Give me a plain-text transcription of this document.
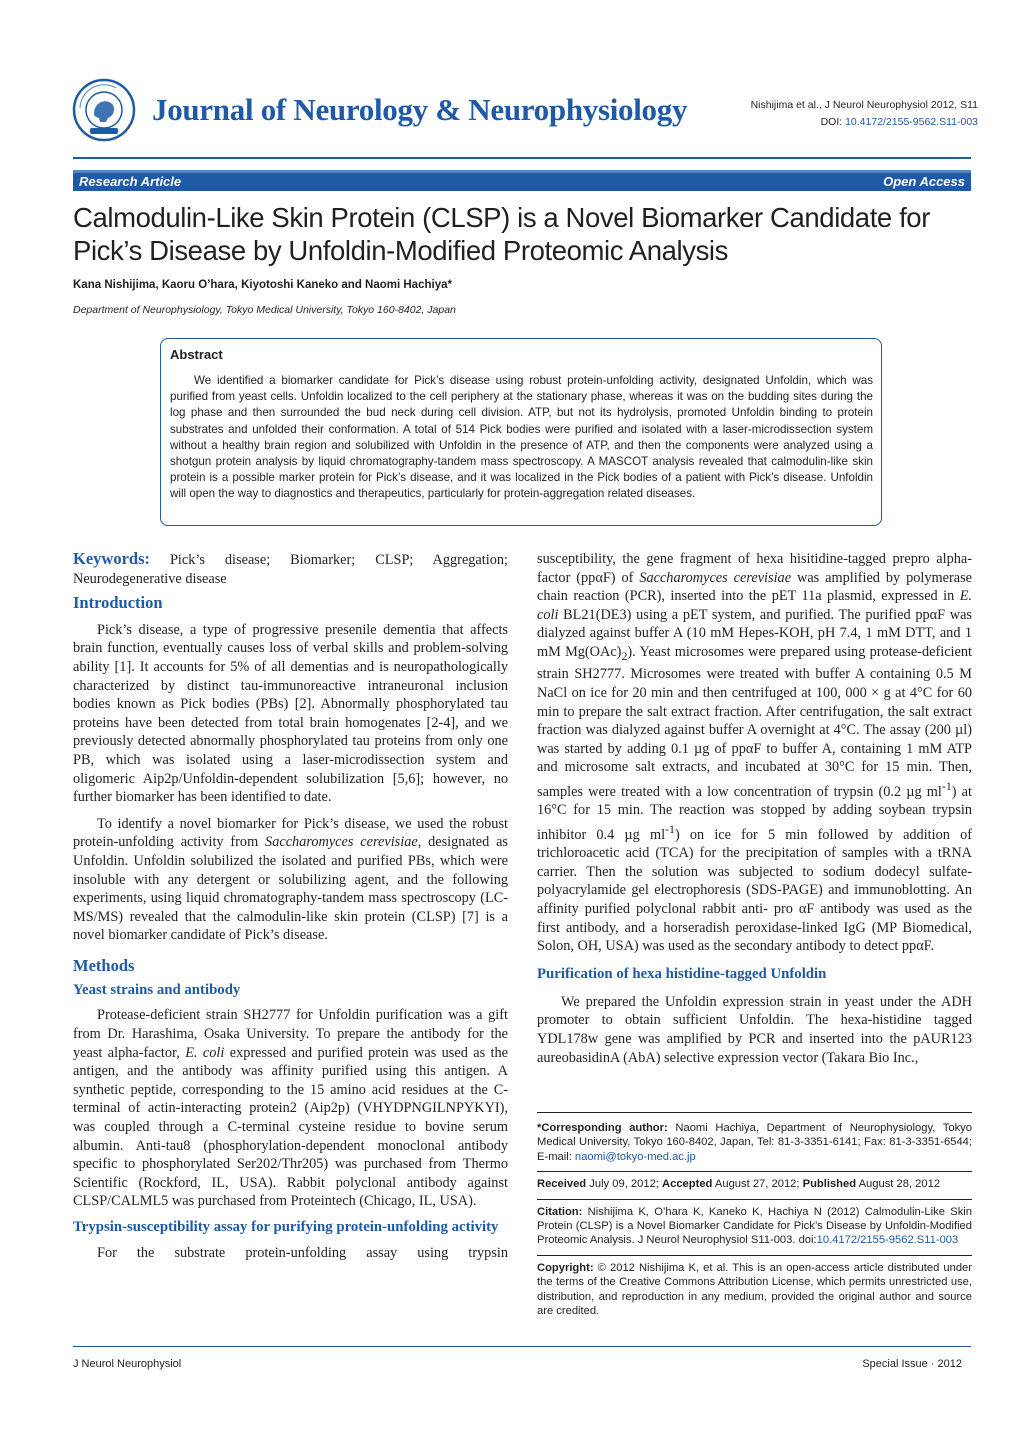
Journal of Neurology & Neurophysiology	Nishijima et al., J Neurol Neurophysiol 2012, S11
DOI: 10.4172/2155-9562.S11-003
Research Article	Open Access
Calmodulin-Like Skin Protein (CLSP) is a Novel Biomarker Candidate for Pick’s Disease by Unfoldin-Modified Proteomic Analysis
Kana Nishijima, Kaoru O’hara, Kiyotoshi Kaneko and Naomi Hachiya*
Department of Neurophysiology, Tokyo Medical University, Tokyo 160-8402, Japan
Abstract

We identified a biomarker candidate for Pick’s disease using robust protein-unfolding activity, designated Unfoldin, which was purified from yeast cells. Unfoldin localized to the cell periphery at the stationary phase, whereas it was on the budding sites during the log phase and then surrounded the bud neck during cell division. ATP, but not its hydrolysis, promoted Unfoldin binding to protein substrates and unfolded their conformation. A total of 514 Pick bodies were purified and isolated with a laser-microdissection system without a healthy brain region and solubilized with Unfoldin in the presence of ATP, and then the components were analyzed using a shotgun protein analysis by liquid chromatography-tandem mass spectroscopy. A MASCOT analysis revealed that calmodulin-like skin protein is a possible marker protein for Pick’s disease, and it was localized in the Pick bodies of a patient with Pick’s disease. Unfoldin will open the way to diagnostics and therapeutics, particularly for protein-aggregation related diseases.

Keywords: Pick’s disease; Biomarker; CLSP; Aggregation; Neurodegenerative disease

Introduction

Pick’s disease, a type of progressive presenile dementia that affects brain function, eventually causes loss of verbal skills and problem-solving ability [1]. It accounts for 5% of all dementias and is neuropathologically characterized by distinct tau-immunoreactive intraneuronal inclusion bodies known as Pick bodies (PBs) [2]. Abnormally phosphorylated tau proteins have been detected from total brain homogenates [2-4], and we previously detected abnormally phosphorylated tau proteins from only one PB, which was isolated using a laser-microdissection system and oligomeric Aip2p/Unfoldin-dependent solubilization [5,6]; however, no further biomarker has been identified to date.

To identify a novel biomarker for Pick’s disease, we used the robust protein-unfolding activity from Saccharomyces cerevisiae, designated as Unfoldin. Unfoldin solubilized the isolated and purified PBs, which were insoluble with any detergent or solubilizing agent, and the following experiments, using liquid chromatography-tandem mass spectroscopy (LC-MS/MS) revealed that the calmodulin-like skin protein (CLSP) [7] is a novel biomarker candidate of Pick’s disease.

Methods
Yeast strains and antibody

Protease-deficient strain SH2777 for Unfoldin purification was a gift from Dr. Harashima, Osaka University. To prepare the antibody for the yeast alpha-factor, E. coli expressed and purified protein was used as the antigen, and the antibody was affinity purified using this antigen. A synthetic peptide, corresponding to the 15 amino acid residues at the C-terminal of actin-interacting protein2 (Aip2p) (VHYDPNGILNPYKYI), was coupled through a C-terminal cysteine residue to bovine serum albumin. Anti-tau8 (phosphorylation-dependent monoclonal antibody specific to phosphorylated Ser202/Thr205) was purchased from Thermo Scientific (Rockford, IL, USA). Rabbit polyclonal antibody against CLSP/CALML5 was purchased from Proteintech (Chicago, IL, USA).

Trypsin-susceptibility assay for purifying protein-unfolding activity

For the substrate protein-unfolding assay using trypsin

susceptibility, the gene fragment of hexa hisitidine-tagged prepro alpha-factor (ppαF) of Saccharomyces cerevisiae was amplified by polymerase chain reaction (PCR), inserted into the pET 11a plasmid, expressed in E. coli BL21(DE3) using a pET system, and purified. The purified ppαF was dialyzed against buffer A (10 mM Hepes-KOH, pH 7.4, 1 mM DTT, and 1 mM $Mg(OAc)_2$). Yeast microsomes were prepared using protease-deficient strain SH2777. Microsomes were treated with buffer A containing 0.5 M NaCl on ice for 20 min and then centrifuged at 100, 000 × g at 4°C for 60 min to prepare the salt extract fraction. After centrifugation, the salt extract fraction was dialyzed against buffer A overnight at 4°C. The assay (200 µl) was started by adding 0.1 µg of ppαF to buffer A, containing 1 mM ATP and microsome salt extracts, and incubated at 30°C for 15 min. Then, samples were treated with a low concentration of trypsin (0.2 µg $ml^{-1}$) at 16°C for 15 min. The reaction was stopped by adding soybean trypsin inhibitor 0.4 µg $ml^{-1}$) on ice for 5 min followed by addition of trichloroacetic acid (TCA) for the precipitation of samples with a tRNA carrier. Then the solution was subjected to sodium dodecyl sulfate-polyacrylamide gel electrophoresis (SDS-PAGE) and immunoblotting. An affinity purified polyclonal rabbit anti- pro αF antibody was used as the first antibody, and a horseradish peroxidase-linked IgG (MP Biomedical, Solon, OH, USA) was used as the secondary antibody to detect ppαF.

Purification of hexa histidine-tagged Unfoldin

We prepared the Unfoldin expression strain in yeast under the ADH promoter to obtain sufficient Unfoldin. The hexa-histidine tagged YDL178w gene was amplified by PCR and inserted into the pAUR123 aureobasidinA (AbA) selective expression vector (Takara Bio Inc.,

*Corresponding author: Naomi Hachiya, Department of Neurophysiology, Tokyo Medical University, Tokyo 160-8402, Japan, Tel: 81-3-3351-6141; Fax: 81-3-3351-6544; E-mail: naomi@tokyo-med.ac.jp

Received July 09, 2012; Accepted August 27, 2012; Published August 28, 2012

Citation: Nishijima K, O’hara K, Kaneko K, Hachiya N (2012) Calmodulin-Like Skin Protein (CLSP) is a Novel Biomarker Candidate for Pick’s Disease by Unfoldin-Modified Proteomic Analysis. J Neurol Neurophysiol S11-003. doi:10.4172/2155-9562.S11-003

Copyright: © 2012 Nishijima K, et al. This is an open-access article distributed under the terms of the Creative Commons Attribution License, which permits unrestricted use, distribution, and reproduction in any medium, provided the original author and source are credited.

J Neurol Neurophysiol	Special Issue · 2012
